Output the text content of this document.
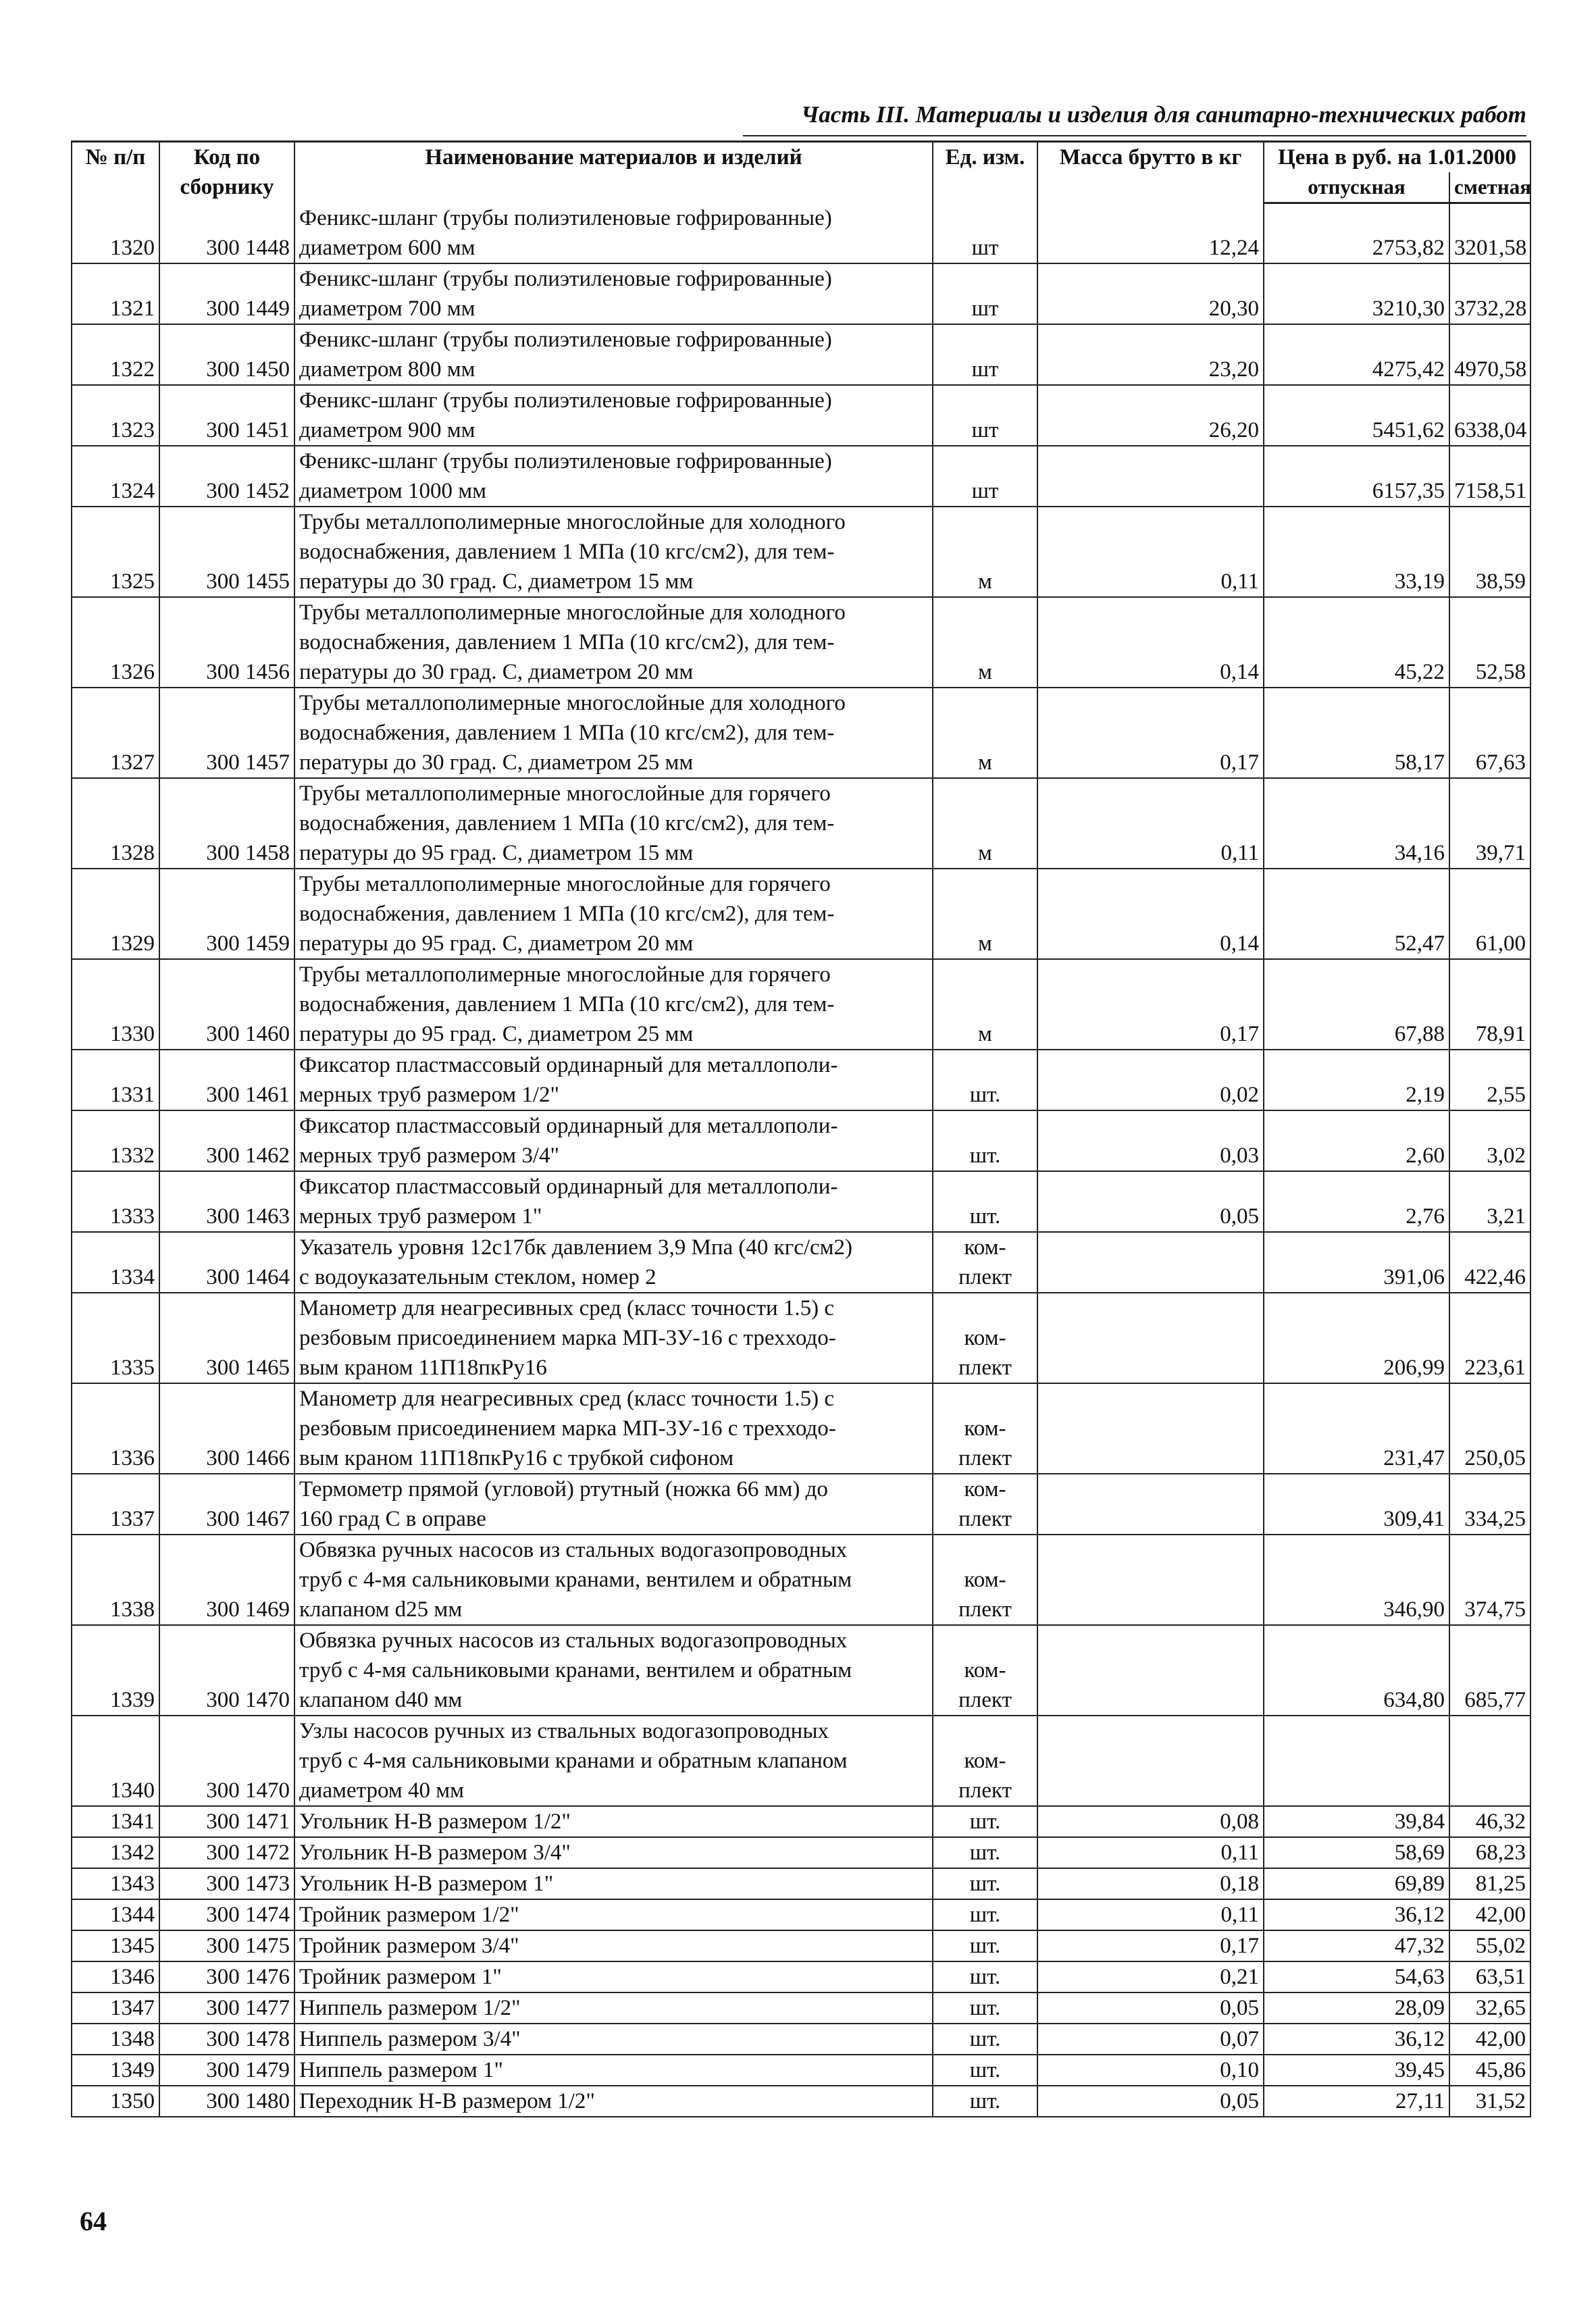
Часть III. Материалы и изделия для санитарно-технических работ
№ п/п	Код по сборнику	Наименование материалов и изделий	Ед. изм.	Масса брутто в кг	Цена в руб. на 1.01.2000	
					отпускная	сметная
1320	300 1448	Феникс-шланг (трубы полиэтиленовые гофрированные)
диаметром 600 мм	шт	12,24	2753,82	3201,58
1321	300 1449	Феникс-шланг (трубы полиэтиленовые гофрированные)
диаметром 700 мм	шт	20,30	3210,30	3732,28
1322	300 1450	Феникс-шланг (трубы полиэтиленовые гофрированные)
диаметром 800 мм	шт	23,20	4275,42	4970,58
1323	300 1451	Феникс-шланг (трубы полиэтиленовые гофрированные)
диаметром 900 мм	шт	26,20	5451,62	6338,04
1324	300 1452	Феникс-шланг (трубы полиэтиленовые гофрированные)
диаметром 1000 мм	шт		6157,35	7158,51
1325	300 1455	Трубы металлополимерные многослойные для холодного
водоснабжения, давлением 1 МПа (10 кгс/см2), для тем-
пературы до 30 град. С, диаметром 15 мм	м	0,11	33,19	38,59
1326	300 1456	Трубы металлополимерные многослойные для холодного
водоснабжения, давлением 1 МПа (10 кгс/см2), для тем-
пературы до 30 град. С, диаметром 20 мм	м	0,14	45,22	52,58
1327	300 1457	Трубы металлополимерные многослойные для холодного
водоснабжения, давлением 1 МПа (10 кгс/см2), для тем-
пературы до 30 град. С, диаметром 25 мм	м	0,17	58,17	67,63
1328	300 1458	Трубы металлополимерные многослойные для горячего
водоснабжения, давлением 1 МПа (10 кгс/см2), для тем-
пературы до 95 град. С, диаметром 15 мм	м	0,11	34,16	39,71
1329	300 1459	Трубы металлополимерные многослойные для горячего
водоснабжения, давлением 1 МПа (10 кгс/см2), для тем-
пературы до 95 град. С, диаметром 20 мм	м	0,14	52,47	61,00
1330	300 1460	Трубы металлополимерные многослойные для горячего
водоснабжения, давлением 1 МПа (10 кгс/см2), для тем-
пературы до 95 град. С, диаметром 25 мм	м	0,17	67,88	78,91
1331	300 1461	Фиксатор пластмассовый ординарный для металлополи-
мерных труб размером 1/2"	шт.	0,02	2,19	2,55
1332	300 1462	Фиксатор пластмассовый ординарный для металлополи-
мерных труб размером 3/4"	шт.	0,03	2,60	3,02
1333	300 1463	Фиксатор пластмассовый ординарный для металлополи-
мерных труб размером 1"	шт.	0,05	2,76	3,21
1334	300 1464	Указатель уровня 12с17бк давлением 3,9 Мпа (40 кгс/см2)
с водоуказательным стеклом, номер 2	ком-
плект		391,06	422,46
1335	300 1465	Манометр для неагресивных сред (класс точности 1.5) с
резбовым присоединением марка МП-3У-16 с трехходо-
вым краном 11П18пкРу16	ком-
плект		206,99	223,61
1336	300 1466	Манометр для неагресивных сред (класс точности 1.5) с
резбовым присоединением марка МП-3У-16 с трехходо-
вым краном 11П18пкРу16 с трубкой сифоном	ком-
плект		231,47	250,05
1337	300 1467	Термометр прямой (угловой) ртутный (ножка 66 мм) до
160 град С в оправе	ком-
плект		309,41	334,25
1338	300 1469	Обвязка ручных насосов из стальных водогазопроводных
труб с 4-мя сальниковыми кранами, вентилем и обратным
клапаном d25 мм	ком-
плект		346,90	374,75
1339	300 1470	Обвязка ручных насосов из стальных водогазопроводных
труб с 4-мя сальниковыми кранами, вентилем и обратным
клапаном d40 мм	ком-
плект		634,80	685,77
1340	300 1470	Узлы насосов ручных из ствальных водогазопроводных
труб с 4-мя сальниковыми кранами и обратным клапаном
диаметром 40 мм	ком-
плект			
1341	300 1471	Угольник Н-В размером 1/2"	шт.	0,08	39,84	46,32
1342	300 1472	Угольник Н-В размером 3/4"	шт.	0,11	58,69	68,23
1343	300 1473	Угольник Н-В размером 1"	шт.	0,18	69,89	81,25
1344	300 1474	Тройник размером 1/2"	шт.	0,11	36,12	42,00
1345	300 1475	Тройник размером 3/4"	шт.	0,17	47,32	55,02
1346	300 1476	Тройник размером 1"	шт.	0,21	54,63	63,51
1347	300 1477	Ниппель размером 1/2"	шт.	0,05	28,09	32,65
1348	300 1478	Ниппель размером 3/4"	шт.	0,07	36,12	42,00
1349	300 1479	Ниппель размером 1"	шт.	0,10	39,45	45,86
1350	300 1480	Переходник Н-В размером 1/2"	шт.	0,05	27,11	31,52
64
